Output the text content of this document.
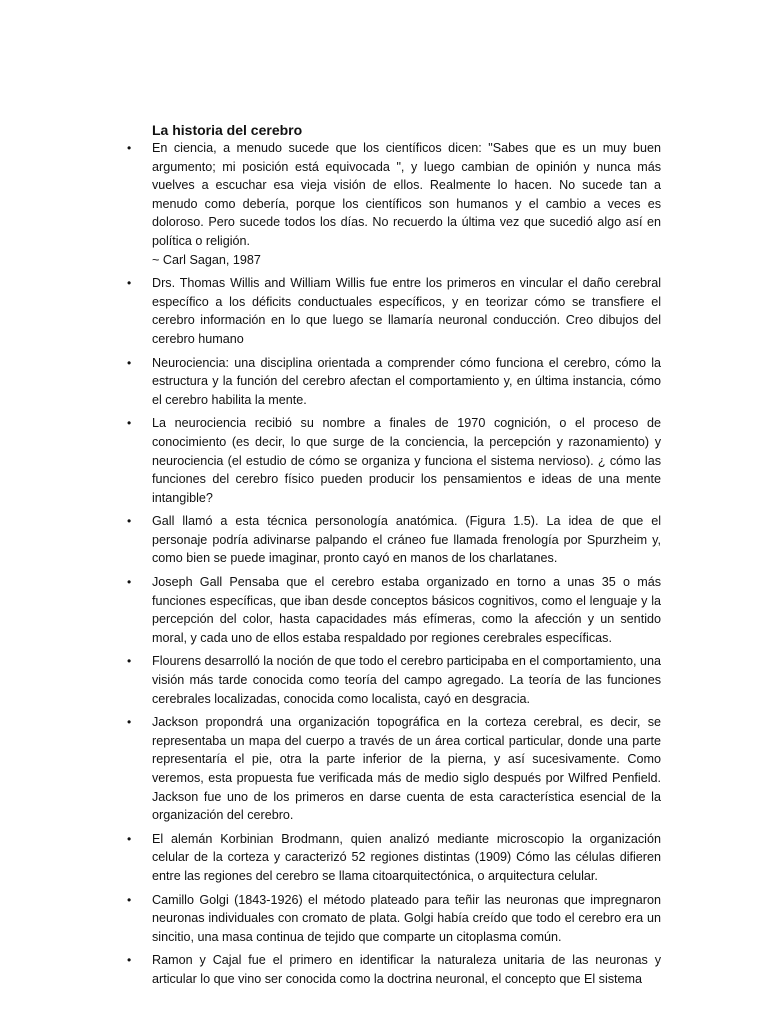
La historia del cerebro
• En ciencia, a menudo sucede que los científicos dicen: "Sabes que es un muy buen argumento; mi posición está equivocada ", y luego cambian de opinión y nunca más vuelves a escuchar esa vieja visión de ellos. Realmente lo hacen. No sucede tan a menudo como debería, porque los científicos son humanos y el cambio a veces es doloroso. Pero sucede todos los días. No recuerdo la última vez que sucedió algo así en política o religión.
~ Carl Sagan, 1987
• Drs. Thomas Willis and William Willis fue entre los primeros en vincular el daño cerebral específico a los déficits conductuales específicos, y en teorizar cómo se transfiere el cerebro información en lo que luego se llamaría neuronal conducción. Creo dibujos del cerebro humano
• Neurociencia: una disciplina orientada a comprender cómo funciona el cerebro, cómo la estructura y la función del cerebro afectan el comportamiento y, en última instancia, cómo el cerebro habilita la mente.
• La neurociencia recibió su nombre a finales de 1970 cognición, o el proceso de conocimiento (es decir, lo que surge de la conciencia, la percepción y razonamiento) y neurociencia (el estudio de cómo se organiza y funciona el sistema nervioso). ¿ cómo las funciones del cerebro físico pueden producir los pensamientos e ideas de una mente intangible?
• Gall llamó a esta técnica personología anatómica. (Figura 1.5). La idea de que el personaje podría adivinarse palpando el cráneo fue llamada frenología por Spurzheim y, como bien se puede imaginar, pronto cayó en manos de los charlatanes.
• Joseph Gall Pensaba que el cerebro estaba organizado en torno a unas 35 o más funciones específicas, que iban desde conceptos básicos cognitivos, como el lenguaje y la percepción del color, hasta capacidades más efímeras, como la afección y un sentido moral, y cada uno de ellos estaba respaldado por regiones cerebrales específicas.
• Flourens desarrolló la noción de que todo el cerebro participaba en el comportamiento, una visión más tarde conocida como teoría del campo agregado. La teoría de las funciones cerebrales localizadas, conocida como localista, cayó en desgracia.
• Jackson propondrá una organización topográfica en la corteza cerebral, es decir, se representaba un mapa del cuerpo a través de un área cortical particular, donde una parte representaría el pie, otra la parte inferior de la pierna, y así sucesivamente. Como veremos, esta propuesta fue verificada más de medio siglo después por Wilfred Penfield. Jackson fue uno de los primeros en darse cuenta de esta característica esencial de la organización del cerebro.
• El alemán Korbinian Brodmann, quien analizó mediante microscopio la organización celular de la corteza y caracterizó 52 regiones distintas (1909) Cómo las células difieren entre las regiones del cerebro se llama citoarquitectónica, o arquitectura celular.
• Camillo Golgi (1843-1926) el método plateado para teñir las neuronas que impregnaron neuronas individuales con cromato de plata. Golgi había creído que todo el cerebro era un sincitio, una masa continua de tejido que comparte un citoplasma común.
• Ramon y Cajal fue el primero en identificar la naturaleza unitaria de las neuronas y articular lo que vino ser conocida como la doctrina neuronal, el concepto que El sistema
